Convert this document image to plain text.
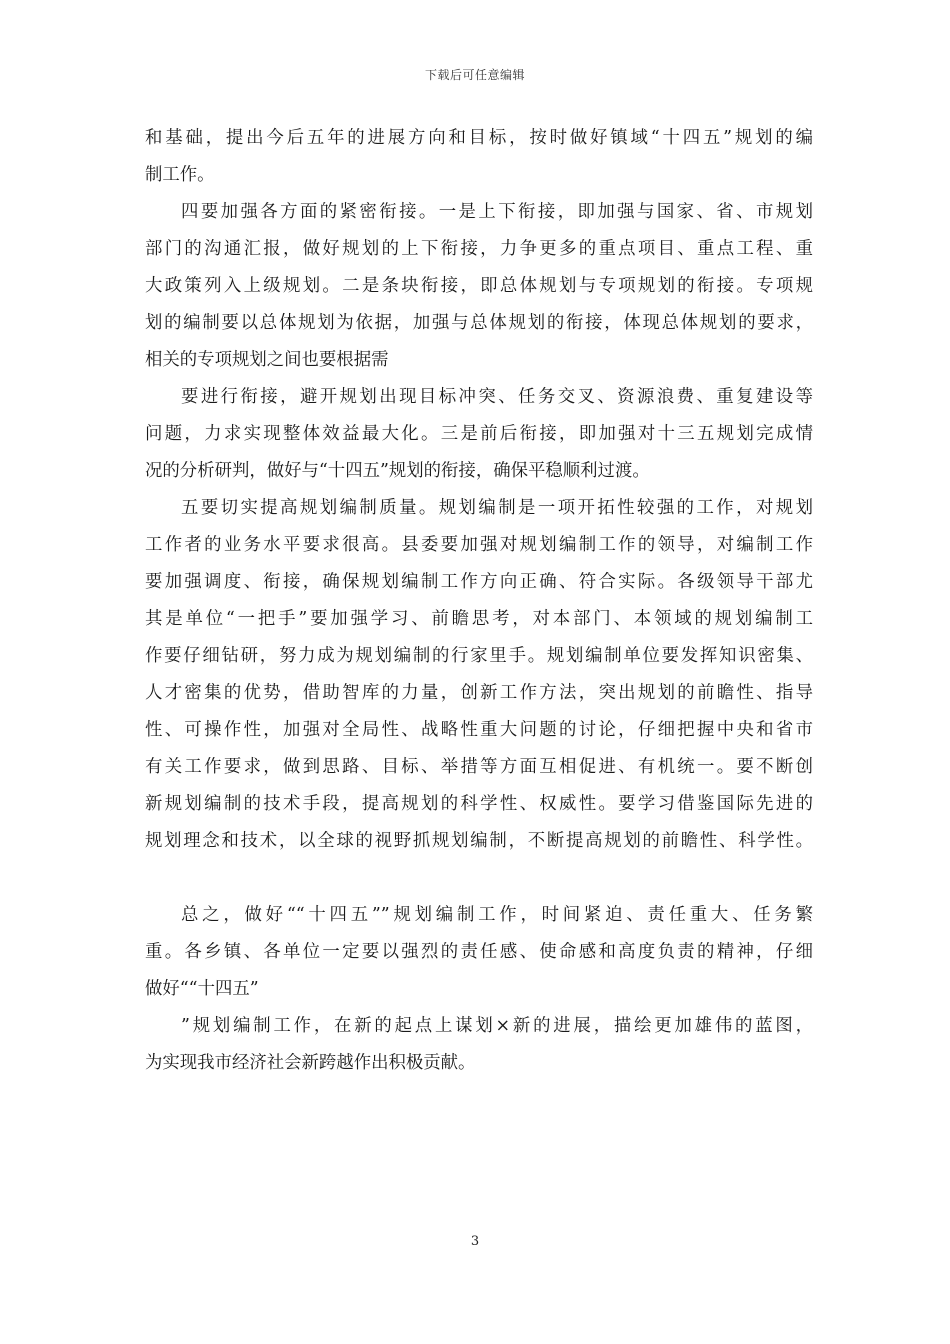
下载后可任意编辑
和基础，提出今后五年的进展方向和目标，按时做好镇域“十四五”规划的编
制工作。
四要加强各方面的紧密衔接。一是上下衔接，即加强与国家、省、市规划
部门的沟通汇报，做好规划的上下衔接，力争更多的重点项目、重点工程、重
大政策列入上级规划。二是条块衔接，即总体规划与专项规划的衔接。专项规
划的编制要以总体规划为依据，加强与总体规划的衔接，体现总体规划的要求，
相关的专项规划之间也要根据需
要进行衔接，避开规划出现目标冲突、任务交叉、资源浪费、重复建设等
问题，力求实现整体效益最大化。三是前后衔接，即加强对十三五规划完成情
况的分析研判，做好与“十四五”规划的衔接，确保平稳顺利过渡。
五要切实提高规划编制质量。规划编制是一项开拓性较强的工作，对规划
工作者的业务水平要求很高。县委要加强对规划编制工作的领导，对编制工作
要加强调度、衔接，确保规划编制工作方向正确、符合实际。各级领导干部尤
其是单位“一把手”要加强学习、前瞻思考，对本部门、本领域的规划编制工
作要仔细钻研，努力成为规划编制的行家里手。规划编制单位要发挥知识密集、
人才密集的优势，借助智库的力量，创新工作方法，突出规划的前瞻性、指导
性、可操作性，加强对全局性、战略性重大问题的讨论，仔细把握中央和省市
有关工作要求，做到思路、目标、举措等方面互相促进、有机统一。要不断创
新规划编制的技术手段，提高规划的科学性、权威性。要学习借鉴国际先进的
规划理念和技术，以全球的视野抓规划编制，不断提高规划的前瞻性、科学性。
总之，做好““十四五””规划编制工作，时间紧迫、责任重大、任务繁
重。各乡镇、各单位一定要以强烈的责任感、使命感和高度负责的精神，仔细
做好““十四五”
”规划编制工作，在新的起点上谋划×新的进展，描绘更加雄伟的蓝图，
为实现我市经济社会新跨越作出积极贡献。
3
